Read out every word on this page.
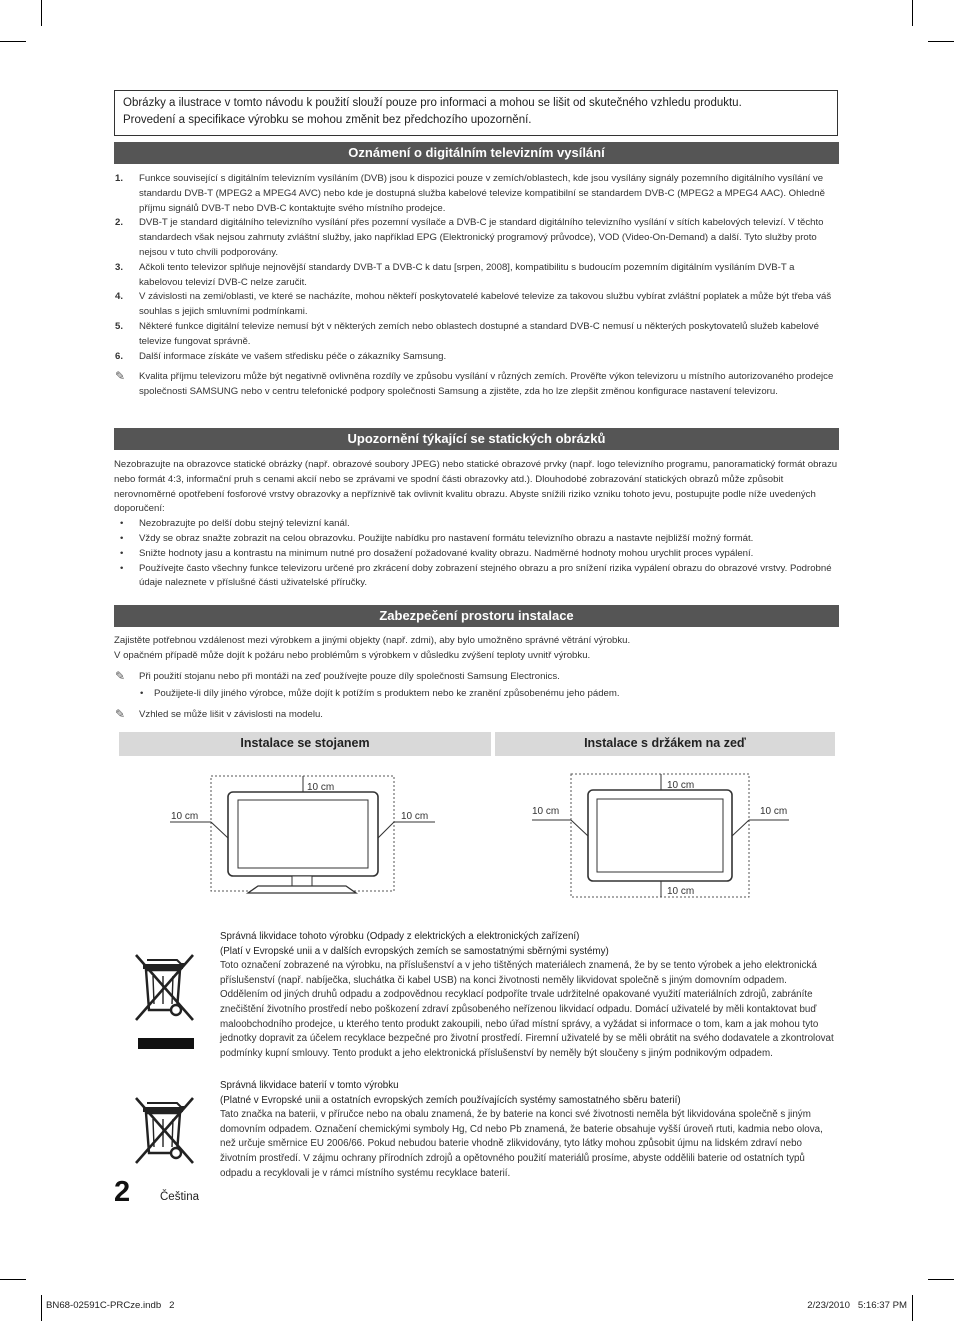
Obrázky a ilustrace v tomto návodu k použití slouží pouze pro informaci a mohou se lišit od skutečného vzhledu produktu.

Provedení a specifikace výrobku se mohou změnit bez předchozího upozornění.

Oznámení o digitálním televizním vysílání
1. Funkce související s digitálním televizním vysíláním (DVB) jsou k dispozici pouze v zemích/oblastech, kde jsou vysílány signály pozemního digitálního vysílání ve standardu DVB-T (MPEG2 a MPEG4 AVC) nebo kde je dostupná služba kabelové televize kompatibilní se standardem DVB-C (MPEG2 a MPEG4 AAC). Ohledně příjmu signálů DVB-T nebo DVB-C kontaktujte svého místního prodejce.
2. DVB-T je standard digitálního televizního vysílání přes pozemní vysílače a DVB-C je standard digitálního televizního vysílání v sítích kabelových televizí. V těchto standardech však nejsou zahrnuty zvláštní služby, jako například EPG (Elektronický programový průvodce), VOD (Video-On-Demand) a další. Tyto služby proto nejsou v tuto chvíli podporovány.
3. Ačkoli tento televizor splňuje nejnovější standardy DVB-T a DVB-C k datu [srpen, 2008], kompatibilitu s budoucím pozemním digitálním vysíláním DVB-T a kabelovou televizí DVB-C nelze zaručit.
4. V závislosti na zemi/oblasti, ve které se nacházíte, mohou někteří poskytovatelé kabelové televize za takovou službu vybírat zvláštní poplatek a může být třeba váš souhlas s jejich smluvními podmínkami.
5. Některé funkce digitální televize nemusí být v některých zemích nebo oblastech dostupné a standard DVB-C nemusí u některých poskytovatelů služeb kabelové televize fungovat správně.
6. Další informace získáte ve vašem středisku péče o zákazníky Samsung.
✎ Kvalita příjmu televizoru může být negativně ovlivněna rozdíly ve způsobu vysílání v různých zemích. Prověřte výkon televizoru u místního autorizovaného prodejce společnosti SAMSUNG nebo v centru telefonické podpory společnosti Samsung a zjistěte, zda ho lze zlepšit změnou konfigurace nastavení televizoru.
Upozornění týkající se statických obrázků

Nezobrazujte na obrazovce statické obrázky (např. obrazové soubory JPEG) nebo statické obrazové prvky (např. logo televizního programu, panoramatický formát obrazu nebo formát 4:3, informační pruh s cenami akcií nebo se zprávami ve spodní části obrazovky atd.). Dlouhodobé zobrazování statických obrazů může způsobit nerovnoměrné opotřebení fosforové vrstvy obrazovky a nepříznivě tak ovlivnit kvalitu obrazu. Abyste snížili riziko vzniku tohoto jevu, postupujte podle níže uvedených doporučení:

• Nezobrazujte po delší dobu stejný televizní kanál.
• Vždy se obraz snažte zobrazit na celou obrazovku. Použijte nabídku pro nastavení formátu televizního obrazu a nastavte nejbližší možný formát.
• Snižte hodnoty jasu a kontrastu na minimum nutné pro dosažení požadované kvality obrazu. Nadměrné hodnoty mohou urychlit proces vypálení.
• Používejte často všechny funkce televizoru určené pro zkrácení doby zobrazení stejného obrazu a pro snížení rizika vypálení obrazu do obrazové vrstvy. Podrobné údaje naleznete v příslušné části uživatelské příručky.
Zabezpečení prostoru instalace

Zajistěte potřebnou vzdálenost mezi výrobkem a jinými objekty (např. zdmi), aby bylo umožněno správné větrání výrobku.

V opačném případě může dojít k požáru nebo problémům s výrobkem v důsledku zvýšení teploty uvnitř výrobku.

✎ Při použití stojanu nebo při montáži na zeď používejte pouze díly společnosti Samsung Electronics.
• Použijete-li díly jiného výrobce, může dojít k potížím s produktem nebo ke zranění způsobenému jeho pádem.
✎ Vzhled se může lišit v závislosti na modelu.
Instalace se stojanem	Instalace s držákem na zeď
10 cm
10 cm	10 cm
10 cm
10 cm
10 cm	10 cm

Správná likvidace tohoto výrobku (Odpady z elektrických a elektronických zařízení)

(Platí v Evropské unii a v dalších evropských zemích se samostatnými sběrnými systémy)

Toto označení zobrazené na výrobku, na příslušenství a v jeho tištěných materiálech znamená, že by se tento výrobek a jeho elektronická příslušenství (např. nabíječka, sluchátka či kabel USB) na konci životnosti neměly likvidovat společně s jiným domovním odpadem. Oddělením od jiných druhů odpadu a zodpovědnou recyklací podpoříte trvale udržitelné opakované využití materiálních zdrojů, zabráníte znečištění životního prostředí nebo poškození zdraví způsobeného neřízenou likvidací odpadu. Domácí uživatelé by měli kontaktovat buď maloobchodního prodejce, u kterého tento produkt zakoupili, nebo úřad místní správy, a vyžádat si informace o tom, kam a jak mohou tyto jednotky dopravit za účelem recyklace bezpečné pro životní prostředí. Firemní uživatelé by se měli obrátit na svého dodavatele a zkontrolovat podmínky kupní smlouvy. Tento produkt a jeho elektronická příslušenství by neměly být sloučeny s jiným podnikovým odpadem.

Správná likvidace baterií v tomto výrobku

(Platné v Evropské unii a ostatních evropských zemích používajících systémy samostatného sběru baterií)

Tato značka na baterii, v příručce nebo na obalu znamená, že by baterie na konci své životnosti neměla být likvidována společně s jiným domovním odpadem. Označení chemickými symboly Hg, Cd nebo Pb znamená, že baterie obsahuje vyšší úroveň rtuti, kadmia nebo olova, než určuje směrnice EU 2006/66. Pokud nebudou baterie vhodně zlikvidovány, tyto látky mohou způsobit újmu na lidském zdraví nebo životním prostředí. V zájmu ochrany přírodních zdrojů a opětovného použití materiálů prosíme, abyste oddělili baterie od ostatních typů odpadu a recyklovali je v rámci místního systému recyklace baterií.

2	Čeština
BN68-02591C-PRCze.indb   2	2/23/2010   5:16:37 PM
